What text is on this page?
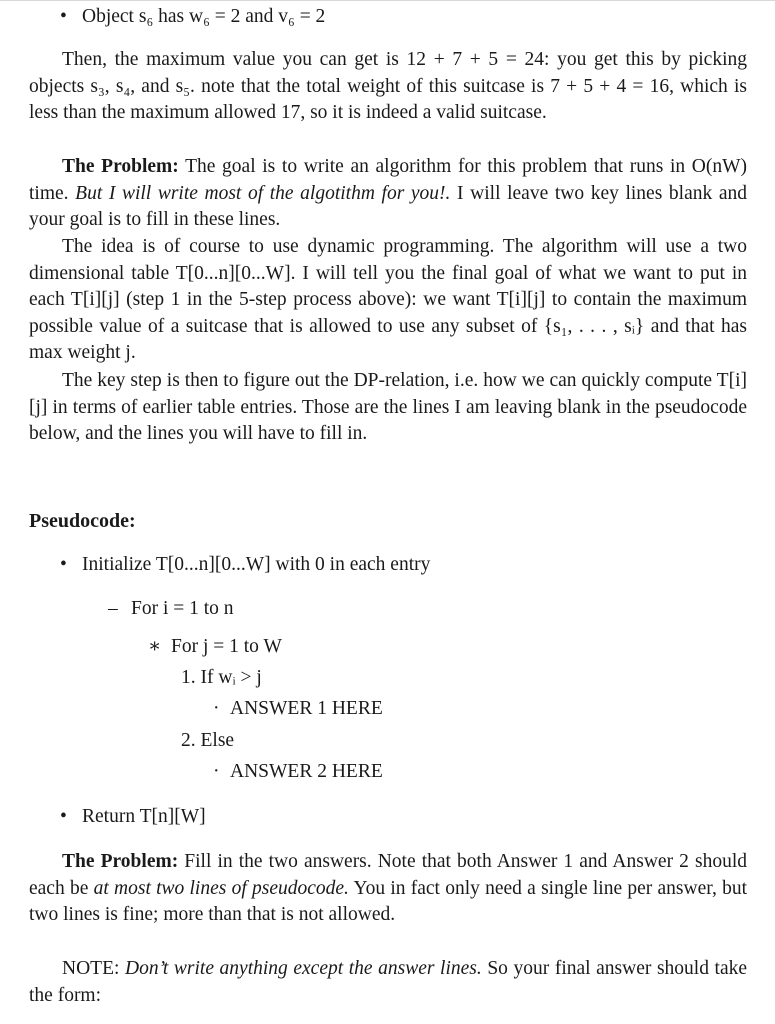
• Object s₆ has w₆ = 2 and v₆ = 2

Then, the maximum value you can get is 12 + 7 + 5 = 24: you get this by picking objects s₃, s₄, and s₅. note that the total weight of this suitcase is 7 + 5 + 4 = 16, which is less than the maximum allowed 17, so it is indeed a valid suitcase.

The Problem: The goal is to write an algorithm for this problem that runs in O(nW) time. But I will write most of the algotithm for you!. I will leave two key lines blank and your goal is to fill in these lines.

The idea is of course to use dynamic programming. The algorithm will use a two dimensional table T[0...n][0...W]. I will tell you the final goal of what we want to put in each T[i][j] (step 1 in the 5-step process above): we want T[i][j] to contain the maximum possible value of a suitcase that is allowed to use any subset of {s₁, . . . , sᵢ} and that has max weight j.

The key step is then to figure out the DP-relation, i.e. how we can quickly compute T[i][j] in terms of earlier table entries. Those are the lines I am leaving blank in the pseudocode below, and the lines you will have to fill in.

Pseudocode:
• Initialize T[0...n][0...W] with 0 in each entry
– For i = 1 to n
∗ For j = 1 to W
1. If wᵢ > j
· ANSWER 1 HERE
2. Else
· ANSWER 2 HERE
• Return T[n][W]

The Problem: Fill in the two answers. Note that both Answer 1 and Answer 2 should each be at most two lines of pseudocode. You in fact only need a single line per answer, but two lines is fine; more than that is not allowed.

NOTE: Don’t write anything except the answer lines. So your final answer should take the form:
